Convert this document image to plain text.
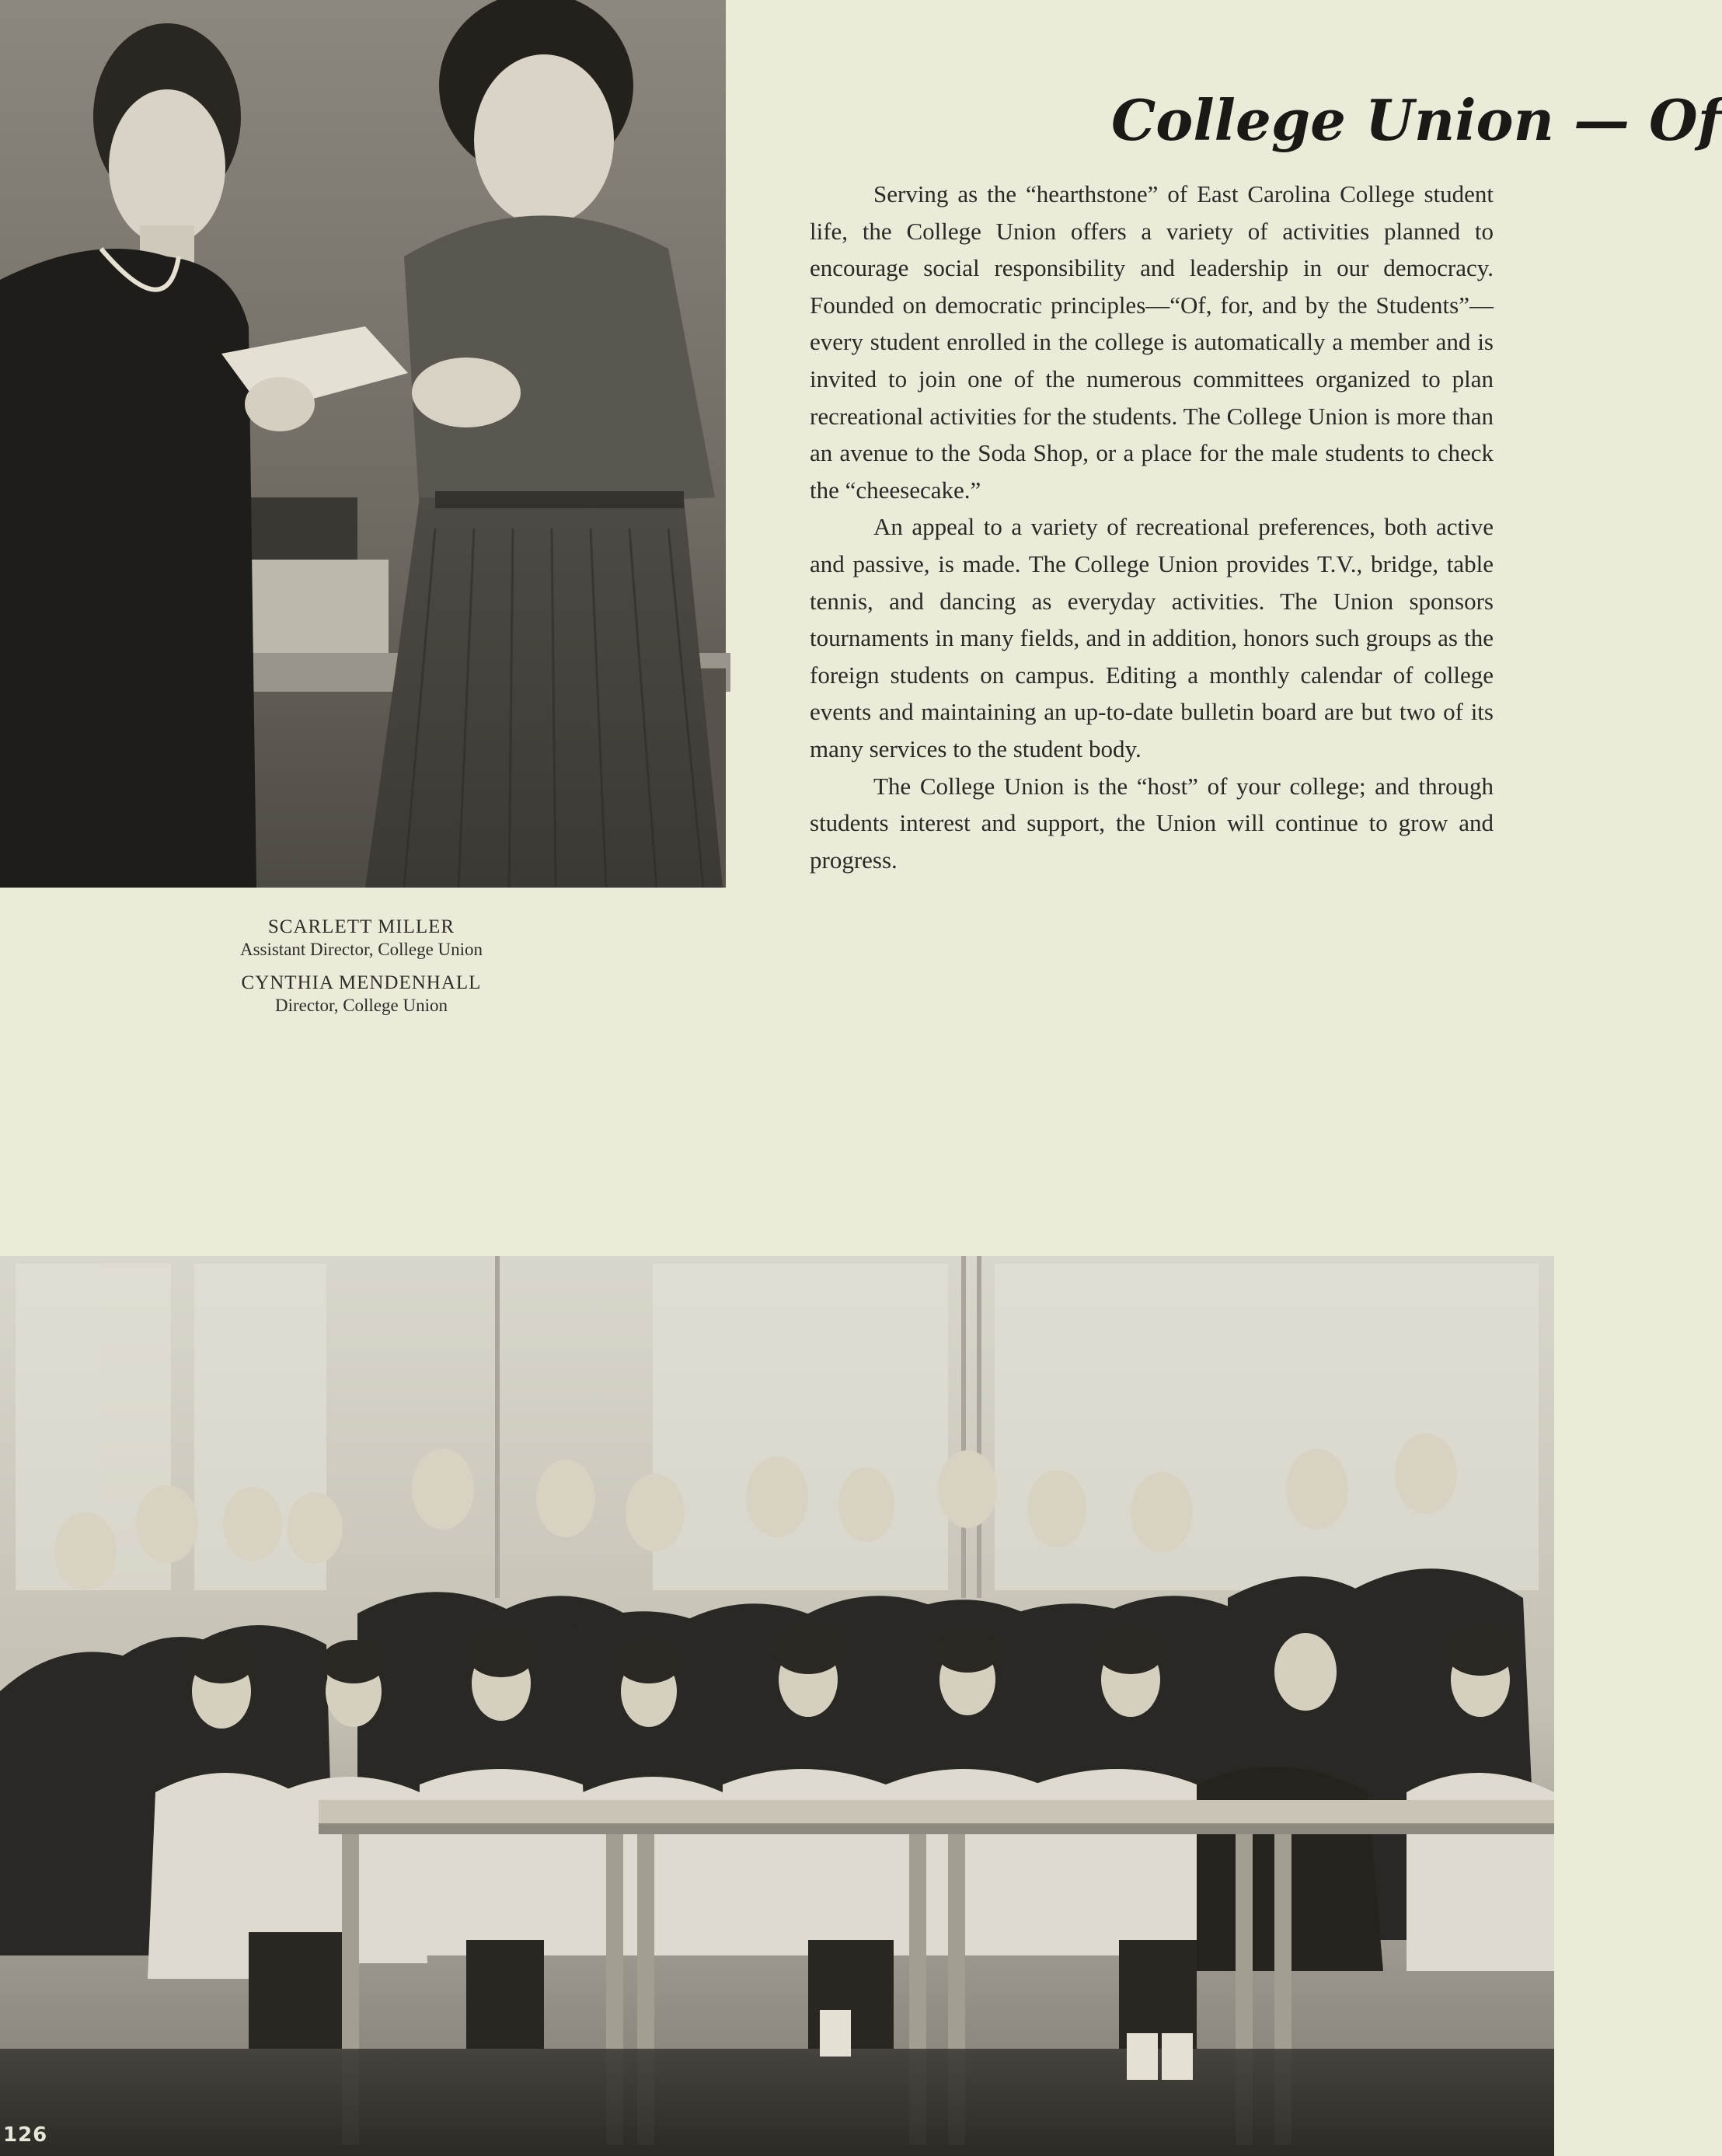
SCARLETT MILLER
Assistant Director, College Union
CYNTHIA MENDENHALL
Director, College Union
College Union — Of

Serving as the “hearthstone” of East Carolina College student life, the College Union offers a variety of activities planned to encourage social responsibility and leadership in our democracy. Founded on democratic principles—“Of, for, and by the Students”—every student enrolled in the college is automatically a member and is invited to join one of the numerous committees organized to plan recreational activities for the students. The College Union is more than an avenue to the Soda Shop, or a place for the male students to check the “cheesecake.”

An appeal to a variety of recreational preferences, both active and passive, is made. The College Union provides T.V., bridge, table tennis, and dancing as everyday activities. The Union sponsors tournaments in many fields, and in addition, honors such groups as the foreign students on campus. Editing a monthly calendar of college events and maintaining an up-to-date bulletin board are but two of its many services to the student body.

The College Union is the “host” of your college; and through students interest and support, the Union will continue to grow and progress.

126
